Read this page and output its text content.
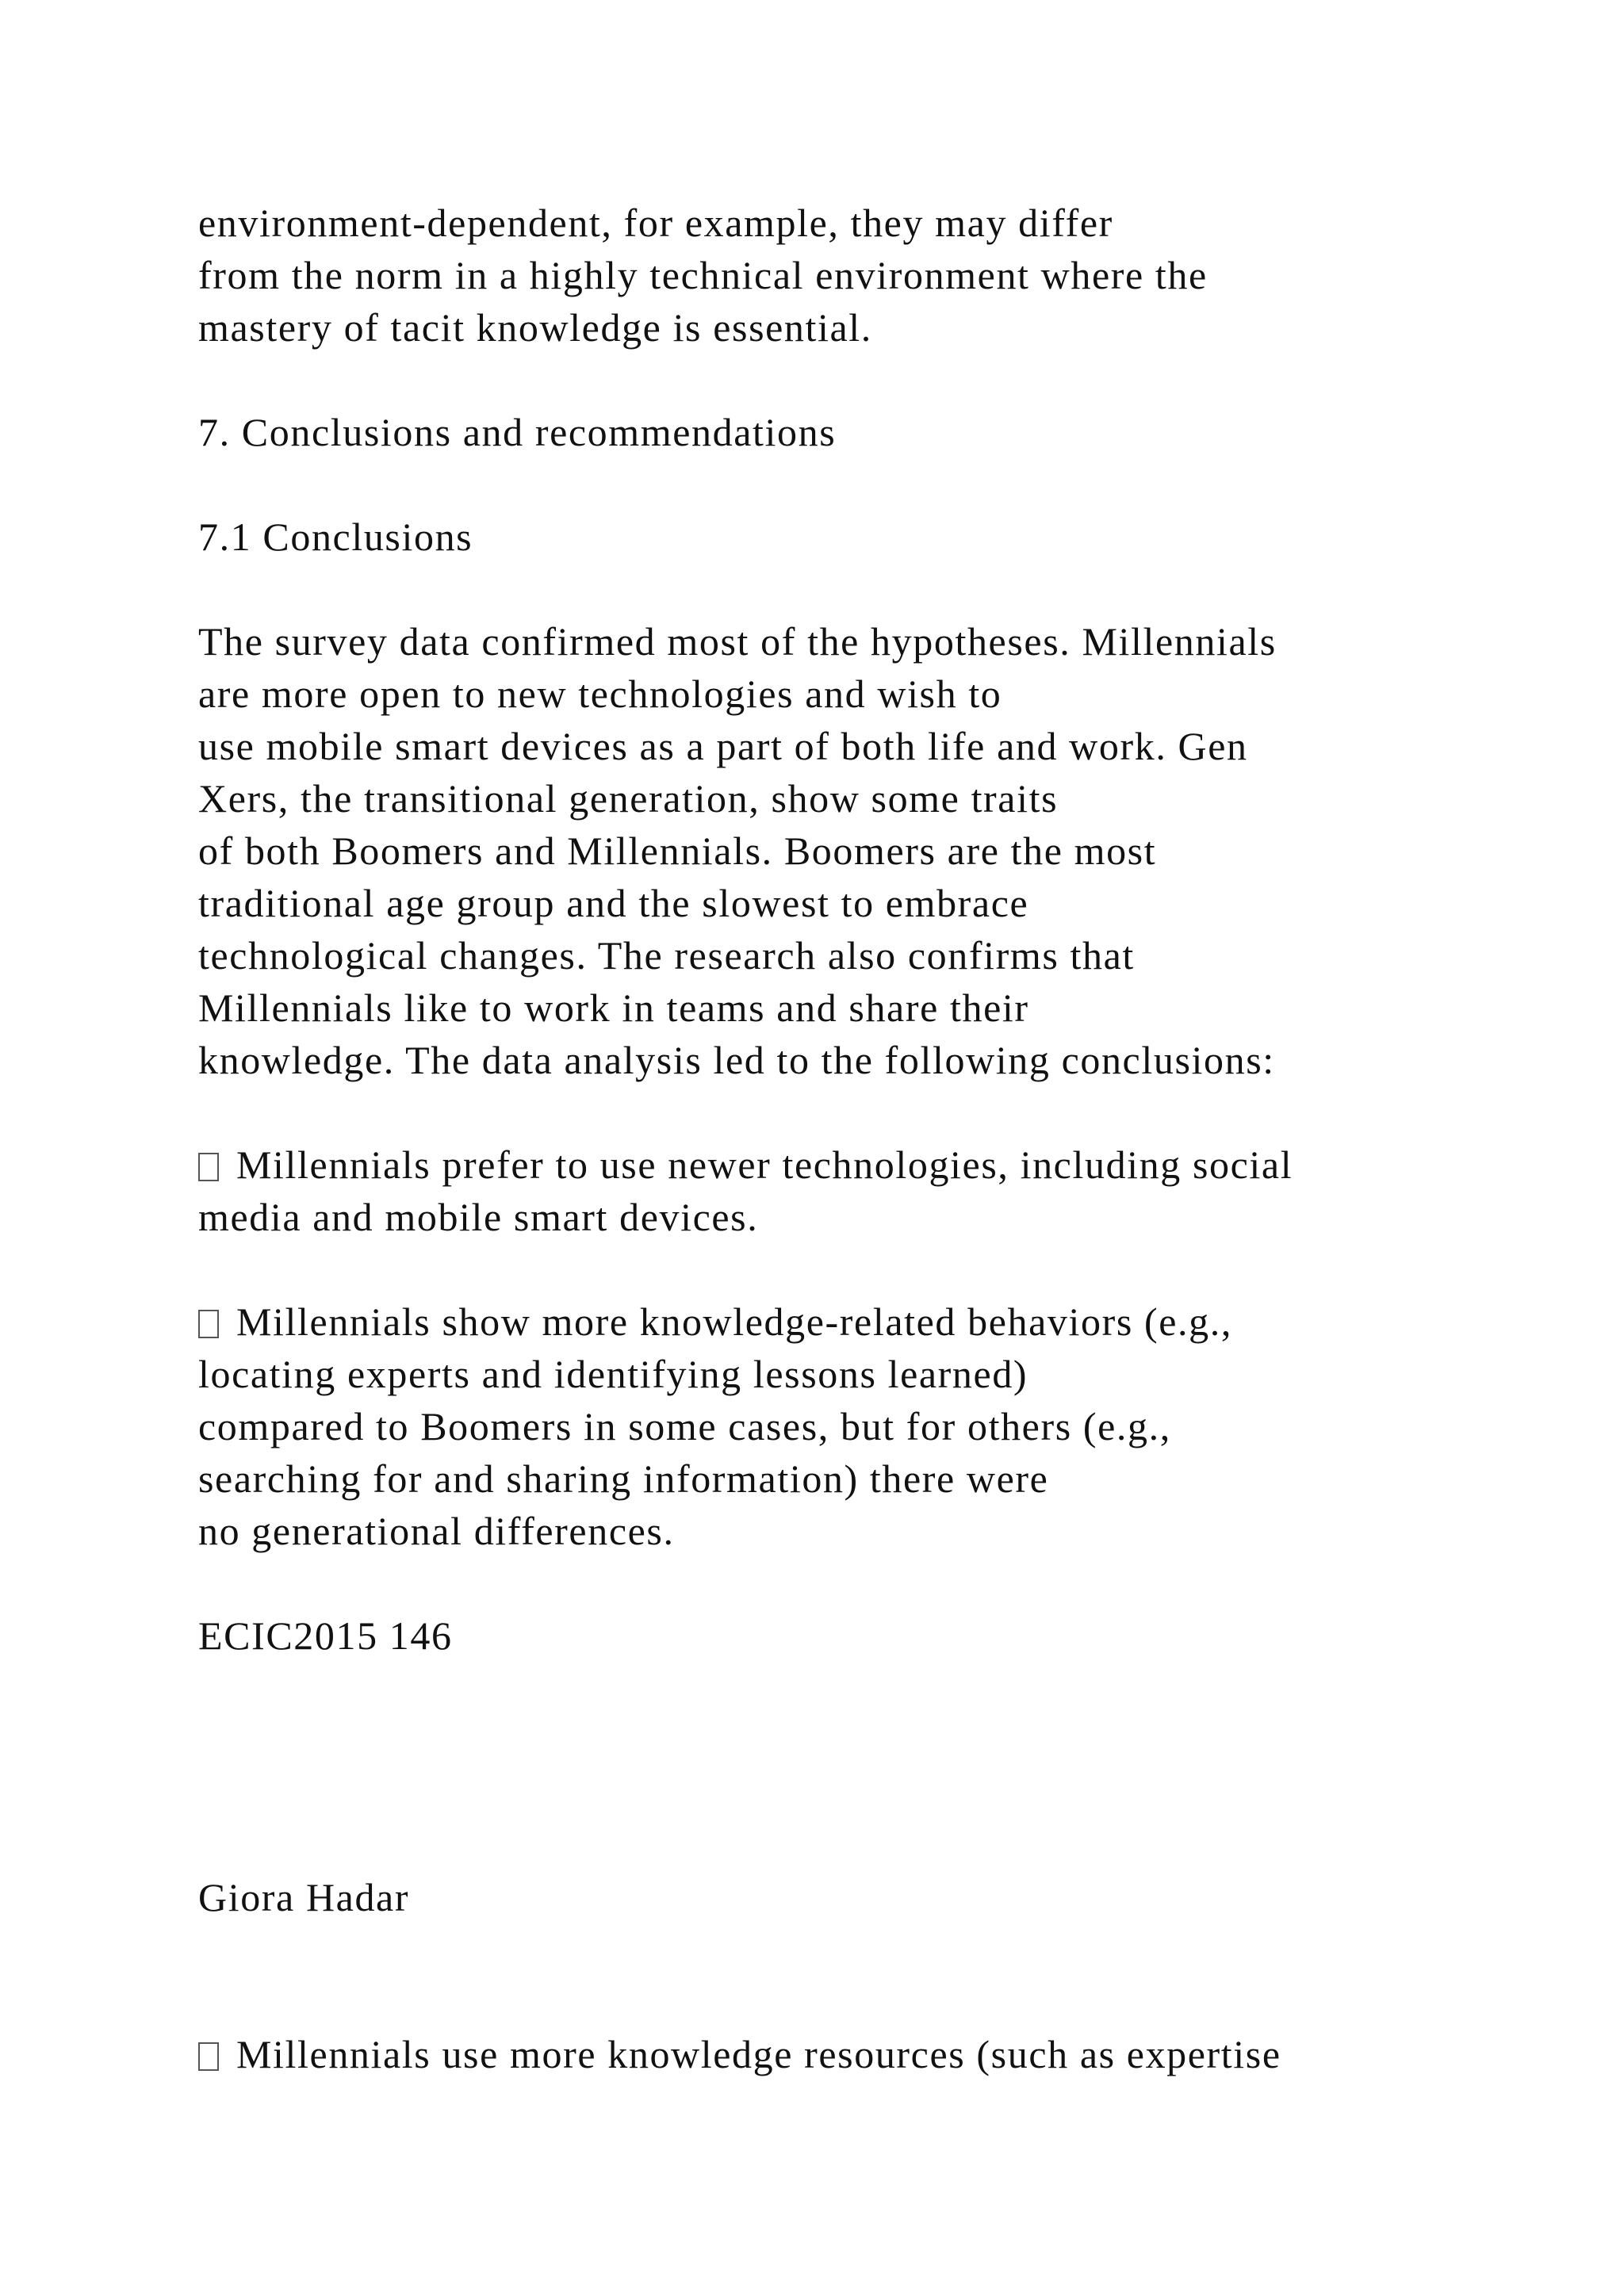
environment-dependent, for example, they may differ
from the norm in a highly technical environment where the
mastery of tacit knowledge is essential.
7. Conclusions and recommendations
7.1 Conclusions
The survey data confirmed most of the hypotheses. Millennials
are more open to new technologies and wish to
use mobile smart devices as a part of both life and work. Gen
Xers, the transitional generation, show some traits
of both Boomers and Millennials. Boomers are the most
traditional age group and the slowest to embrace
technological changes. The research also confirms that
Millennials like to work in teams and share their
knowledge. The data analysis led to the following conclusions:
Millennials prefer to use newer technologies, including social
media and mobile smart devices.
Millennials show more knowledge-related behaviors (e.g.,
locating experts and identifying lessons learned)
compared to Boomers in some cases, but for others (e.g.,
searching for and sharing information) there were
no generational differences.
ECIC2015 146
Giora Hadar
Millennials use more knowledge resources (such as expertise
